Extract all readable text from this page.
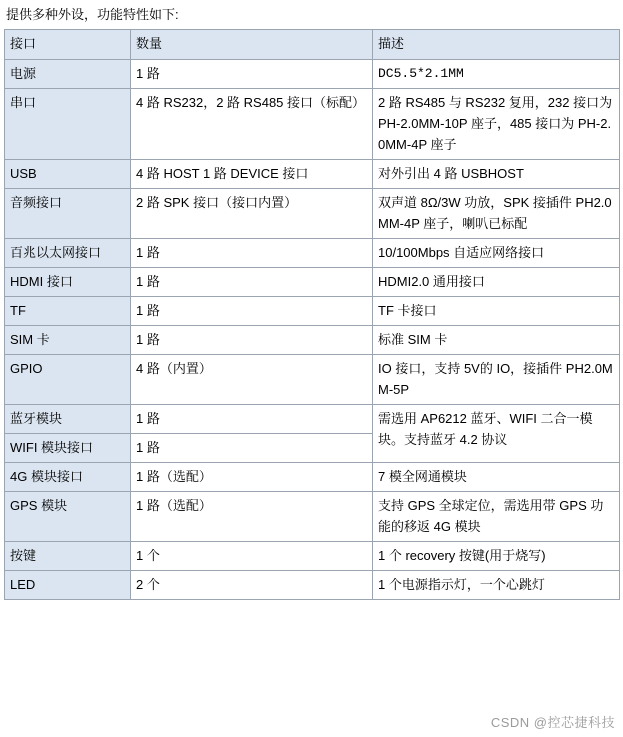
提供多种外设，功能特性如下:
接口	数量	描述
电源	1 路	DC5.5*2.1MM
串口	4 路 RS232，2 路 RS485 接口（标配）	2 路 RS485 与 RS232 复用，232 接口为 PH-2.0MM-10P 座子，485 接口为 PH-2.0MM-4P 座子
USB	4 路 HOST 1 路 DEVICE 接口	对外引出 4 路 USBHOST
音频接口	2 路 SPK 接口（接口内置）	双声道 8Ω/3W 功放，SPK 接插件 PH2.0MM-4P 座子，喇叭已标配
百兆以太网接口	1 路	10/100Mbps 自适应网络接口
HDMI 接口	1 路	HDMI2.0 通用接口
TF	1 路	TF 卡接口
SIM 卡	1 路	标准 SIM 卡
GPIO	4 路（内置）	IO 接口，支持 5V的 IO，接插件 PH2.0MM-5P
蓝牙模块	1 路	需选用 AP6212 蓝牙、WIFI 二合一模块。支持蓝牙 4.2 协议
WIFI 模块接口	1 路	
4G 模块接口	1 路（选配）	7 模全网通模块
GPS 模块	1 路（选配）	支持 GPS 全球定位，需选用带 GPS 功能的移返 4G 模块
按键	1 个	1 个 recovery 按键(用于烧写)
LED	2 个	1 个电源指示灯，一个心跳灯
CSDN @控芯捷科技
